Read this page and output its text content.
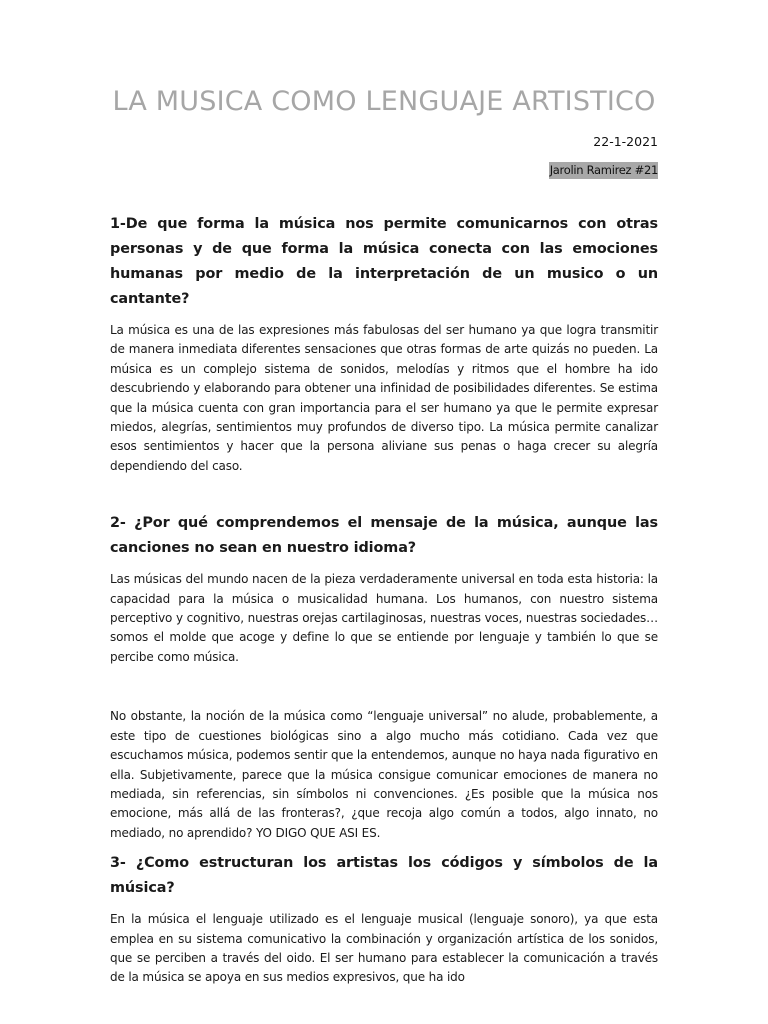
LA MUSICA COMO LENGUAJE ARTISTICO
22-1-2021
Jarolin Ramirez #21

1-De que forma la música nos permite comunicarnos con otras personas y de que forma la música conecta con las emociones humanas por medio de la interpretación de un musico o un cantante?

La música es una de las expresiones más fabulosas del ser humano ya que logra transmitir de manera inmediata diferentes sensaciones que otras formas de arte quizás no pueden. La música es un complejo sistema de sonidos, melodías y ritmos que el hombre ha ido descubriendo y elaborando para obtener una infinidad de posibilidades diferentes. Se estima que la música cuenta con gran importancia para el ser humano ya que le permite expresar miedos, alegrías, sentimientos muy profundos de diverso tipo. La música permite canalizar esos sentimientos y hacer que la persona aliviane sus penas o haga crecer su alegría dependiendo del caso.

2- ¿Por qué comprendemos el mensaje de la música, aunque las canciones no sean en nuestro idioma?

Las músicas del mundo nacen de la pieza verdaderamente universal en toda esta historia: la capacidad para la música o musicalidad humana. Los humanos, con nuestro sistema perceptivo y cognitivo, nuestras orejas cartilaginosas, nuestras voces, nuestras sociedades… somos el molde que acoge y define lo que se entiende por lenguaje y también lo que se percibe como música.

No obstante, la noción de la música como “lenguaje universal” no alude, probablemente, a este tipo de cuestiones biológicas sino a algo mucho más cotidiano. Cada vez que escuchamos música, podemos sentir que la entendemos, aunque no haya nada figurativo en ella. Subjetivamente, parece que la música consigue comunicar emociones de manera no mediada, sin referencias, sin símbolos ni convenciones. ¿Es posible que la música nos emocione, más allá de las fronteras?, ¿que recoja algo común a todos, algo innato, no mediado, no aprendido? YO DIGO QUE ASI ES.

3- ¿Como estructuran los artistas los códigos y símbolos de la música?

En la música el lenguaje utilizado es el lenguaje musical (lenguaje sonoro), ya que esta emplea en su sistema comunicativo la combinación y organización artística de los sonidos, que se perciben a través del oido. El ser humano para establecer la comunicación a través de la música se apoya en sus medios expresivos, que ha ido
